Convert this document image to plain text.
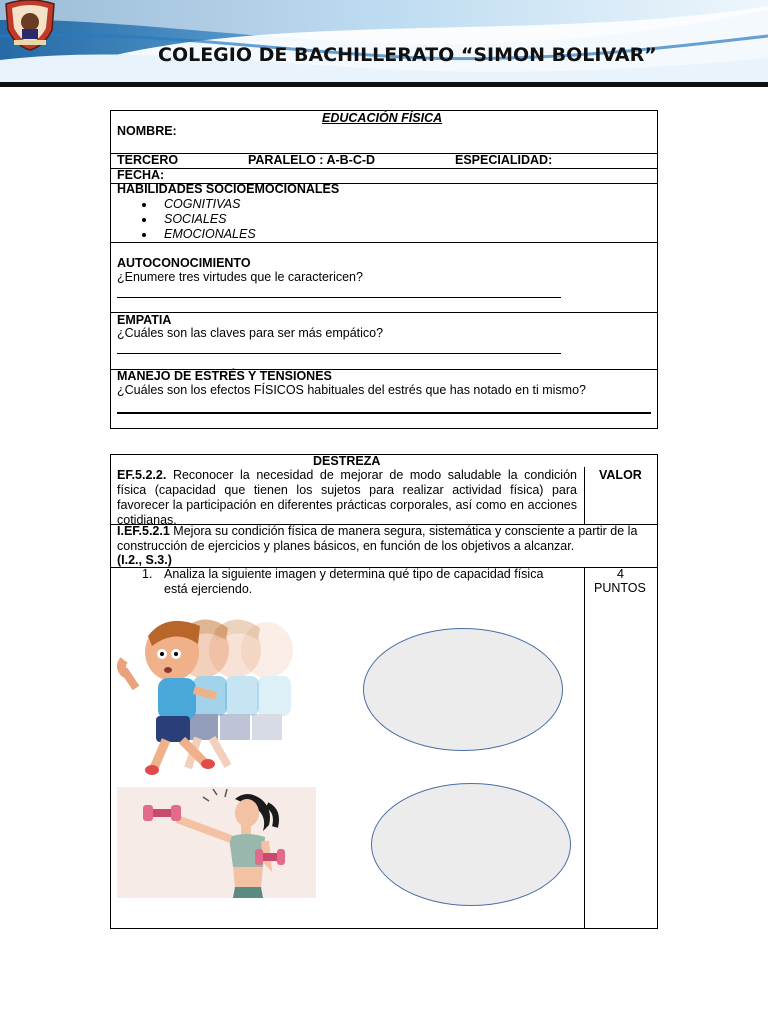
COLEGIO DE BACHILLERATO “SIMON BOLIVAR”
EDUCACIÓN FÍSICA
NOMBRE:
TERCERO	PARALELO : A-B-C-D	ESPECIALIDAD:
FECHA:
HABILIDADES SOCIOEMOCIONALES
COGNITIVAS
SOCIALES
EMOCIONALES
AUTOCONOCIMIENTO
¿Enumere tres virtudes que le caractericen?
EMPATIA
¿Cuáles son las claves para ser más empático?
MANEJO DE ESTRÉS Y TENSIONES
¿Cuáles son los efectos FÍSICOS habituales del estrés que has notado en ti mismo?
DESTREZA
EF.5.2.2. Reconocer la necesidad de mejorar de modo saludable la condición física (capacidad que tienen los sujetos para realizar actividad física) para favorecer la participación en diferentes prácticas corporales, así como en acciones cotidianas.
VALOR
I.EF.5.2.1 Mejora su condición física de manera segura, sistemática y consciente a partir de la construcción de ejercicios y planes básicos, en función de los objetivos a alcanzar.
(I.2., S.3.)
1. Analiza la siguiente imagen y determina qué tipo de capacidad física
está ejerciendo.
4
PUNTOS
